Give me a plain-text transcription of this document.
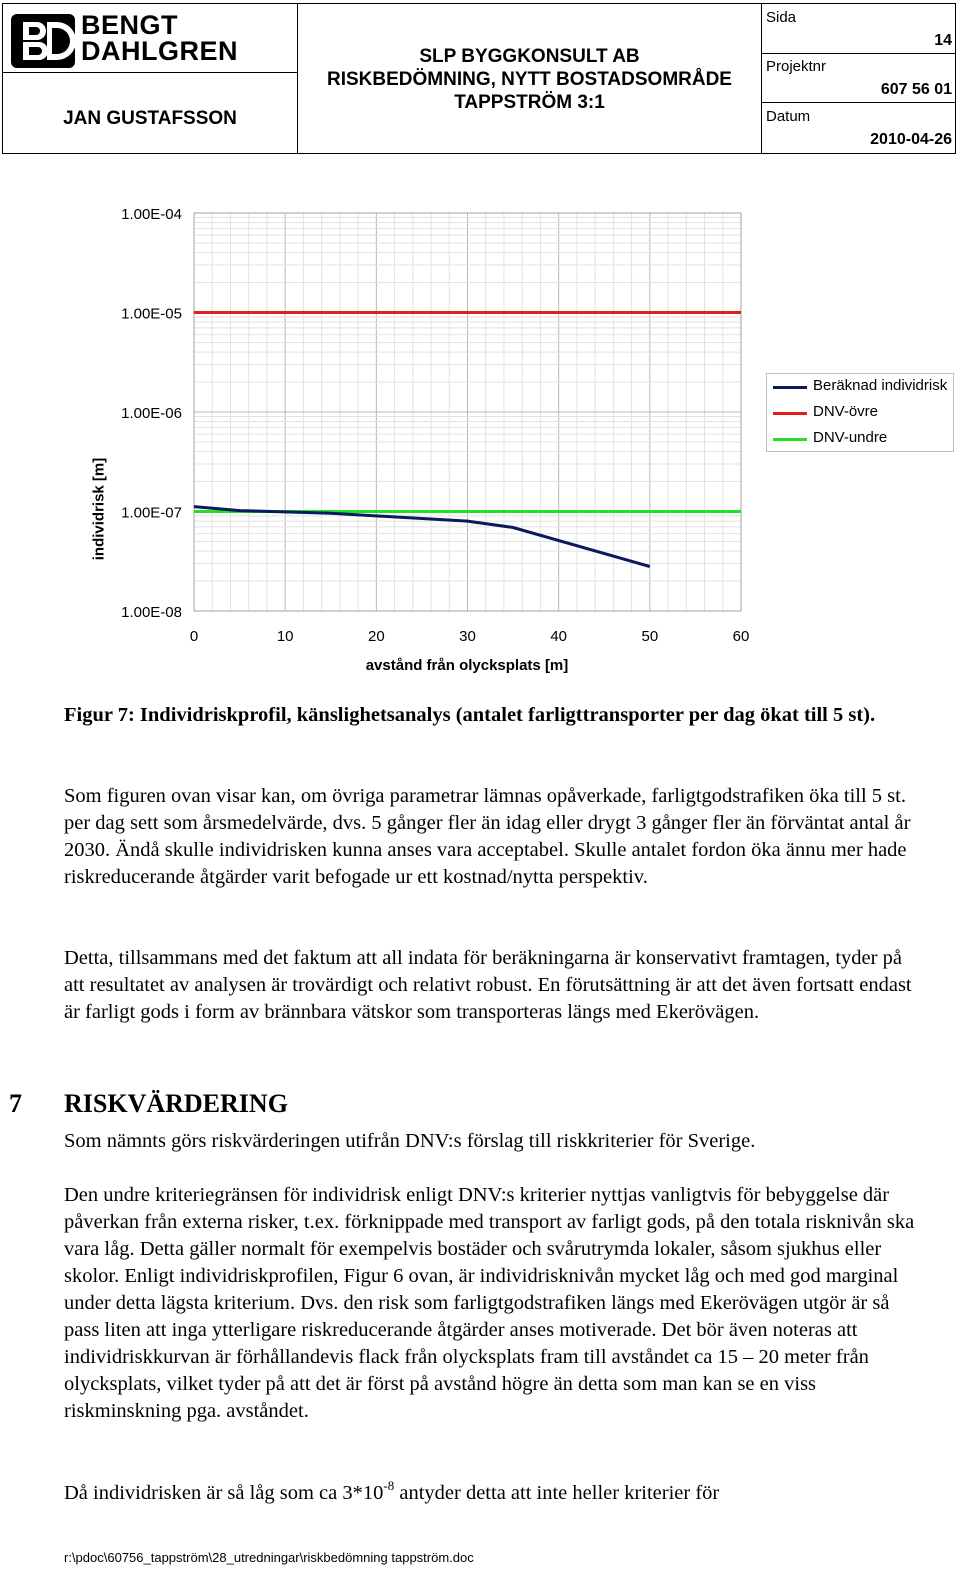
BENGT
DAHLGREN
JAN GUSTAFSSON
SLP BYGGKONSULT AB
RISKBEDÖMNING, NYTT BOSTADSOMRÅDE
TAPPSTRÖM 3:1
Sida
14
Projektnr
607 56 01
Datum
2010-04-26
1.00E-04
1.00E-05
1.00E-06
1.00E-07
1.00E-08
0	10	20	30	40	50	60
avstånd från olycksplats [m]
individrisk [m]
Beräknad individrisk
DNV-övre
DNV-undre
Figur 7: Individriskprofil, känslighetsanalys (antalet farligttransporter per dag ökat till 5 st).
Som figuren ovan visar kan, om övriga parametrar lämnas opåverkade, farligtgodstrafiken öka till 5 st. per dag sett som årsmedelvärde, dvs. 5 gånger fler än idag eller drygt 3 gånger fler än förväntat antal år 2030. Ändå skulle individrisken kunna anses vara acceptabel. Skulle antalet fordon öka ännu mer hade riskreducerande åtgärder varit befogade ur ett kostnad/nytta perspektiv.
Detta, tillsammans med det faktum att all indata för beräkningarna är konservativt framtagen, tyder på att resultatet av analysen är trovärdigt och relativt robust. En förutsättning är att det även fortsatt endast är farligt gods i form av brännbara vätskor som transporteras längs med Ekerövägen.
7 RISKVÄRDERING
Som nämnts görs riskvärderingen utifrån DNV:s förslag till riskkriterier för Sverige.
Den undre kriteriegränsen för individrisk enligt DNV:s kriterier nyttjas vanligtvis för bebyggelse där påverkan från externa risker, t.ex. förknippade med transport av farligt gods, på den totala risknivån ska vara låg. Detta gäller normalt för exempelvis bostäder och svårutrymda lokaler, såsom sjukhus eller skolor. Enligt individriskprofilen, Figur 6 ovan, är individrisknivån mycket låg och med god marginal under detta lägsta kriterium. Dvs. den risk som farligtgodstrafiken längs med Ekerövägen utgör är så pass liten att inga ytterligare riskreducerande åtgärder anses motiverade. Det bör även noteras att individriskkurvan är förhållandevis flack från olycksplats fram till avståndet ca 15 – 20 meter från olycksplats, vilket tyder på att det är först på avstånd högre än detta som man kan se en viss riskminskning pga. avståndet.
Då individrisken är så låg som ca $3*10^{-8}$ antyder detta att inte heller kriterier för
r:\pdoc\60756_tappström\28_utredningar\riskbedömning tappström.doc
